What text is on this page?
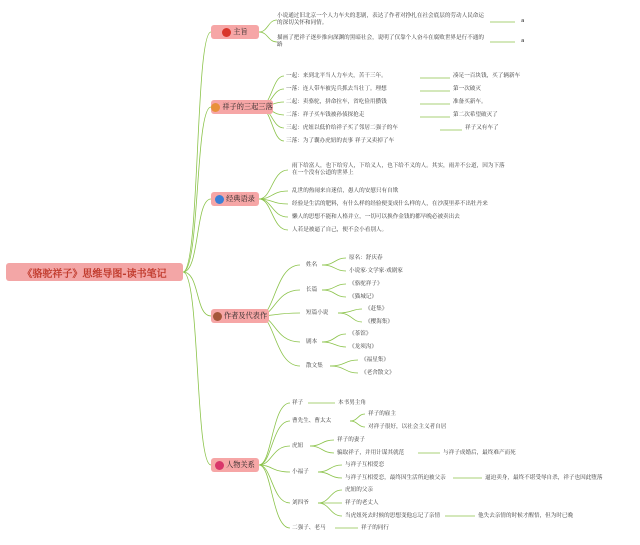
《骆驼祥子》思维导图-读书笔记
主旨
小说通过旧北京一个人力车夫的悲剧，表达了作者对挣扎在社会底层的劳动人民命运的深切关怀和同情。
描画了把祥子逐步推向深渊的黑暗社会，说明了仅靠个人奋斗在腐败世界是行不通的路
a
a
祥子的三起三落
一起：来到北平当人力车夫，苦干三年。	凑足一百块钱，买了辆新车
一落：连人带车被宪兵抓去当壮丁。理想	第一次破灭
二起：卖骆驼，拼命拉车，省吃俭用攒钱	准备买新车。
二落：祥子买车钱被孙侦探抢走	第二次希望破灭了
三起：虎妞以低价给祥子买了邻居二强子的车	祥子又有车了
三落：为了囊办虎妞的丧事 祥子又卖掉了车
经典语录
雨下给富人，也下给穷人，下给义人，也下给不义的人。其实，雨并不公道，因为下落在一个没有公道的世界上
乱世的热闹来自迷信，愚人的安慰只有自欺
经验是生活的肥料，有什么样的经验便变成什么样的人，在沙漠里养不出牡丹来
懒人的思想不能和人格并立，一切可以换作金钱的都早晚必被卖出去
人若是被逼了自己，便不会小看别人。
作者及代表作
姓名
原名：舒庆春
小说家·文学家·戏剧家
长篇
《骆驼祥子》
《猫城记》
短篇小说
《赶集》
《樱海集》
剧本
《茶馆》
《龙须沟》
散文集
《福星集》
《老舍散文》
人物关系
祥子	本书男主角
曹先生、曹太太
祥子的雇主
对祥子很好，以社会主义者自居
虎妞
祥子的妻子
骗取祥子，并用计谋其就范	与祥子成婚后，最终难产而死
小福子
与祥子互相爱恋
与祥子互相爱恋，最终因生活所迫被父亲	逼迫卖身，最终不堪受辱自杀，祥子也因此堕落
刘四爷
虎妞的父亲
祥子的老丈人
当虎妞死去时候的思想变他忘记了亲情	他失去亲情的时候才醒悟，但为时已晚
二强子、老马	祥子的同行
